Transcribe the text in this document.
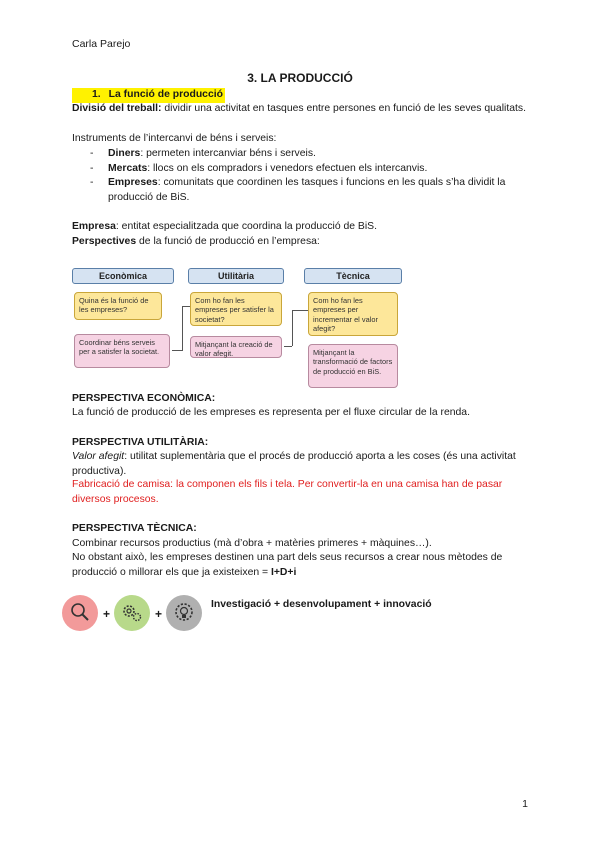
Carla Parejo
3. LA PRODUCCIÓ
1. La funció de producció
Divisió del treball: dividir una activitat en tasques entre persones en funció de les seves qualitats.
Instruments de l’intercanvi de béns i serveis:
- Diners: permeten intercanviar béns i serveis.
- Mercats: llocs on els compradors i venedors efectuen els intercanvis.
- Empreses: comunitats que coordinen les tasques i funcions en les quals s’ha dividit la producció de BiS.
Empresa: entitat especialitzada que coordina la producció de BiS.
Perspectives de la funció de producció en l’empresa:
Econòmica	Utilitària	Tècnica
Quina és la funció de les empreses?
Coordinar béns serveis per a satisfer la societat.
Com ho fan les empreses per satisfer la societat?
Mitjançant la creació de valor afegit.
Com ho fan les empreses per incrementar el valor afegit?
Mitjançant la transformació de factors de producció en BiS.
PERSPECTIVA ECONÒMICA:
La funció de producció de les empreses es representa per el fluxe circular de la renda.
PERSPECTIVA UTILITÀRIA:
Valor afegit: utilitat suplementària que el procés de producció aporta a les coses (és una activitat productiva).
Fabricació de camisa: la componen els fils i tela. Per convertir-la en una camisa han de pasar diversos procesos.
PERSPECTIVA TÈCNICA:
Combinar recursos productius (mà d’obra + matèries primeres + màquines…).
No obstant això, les empreses destinen una part dels seus recursos a crear nous mètodes de producció o millorar els que ja existeixen = I+D+i
+	+
Investigació + desenvolupament + innovació
1
